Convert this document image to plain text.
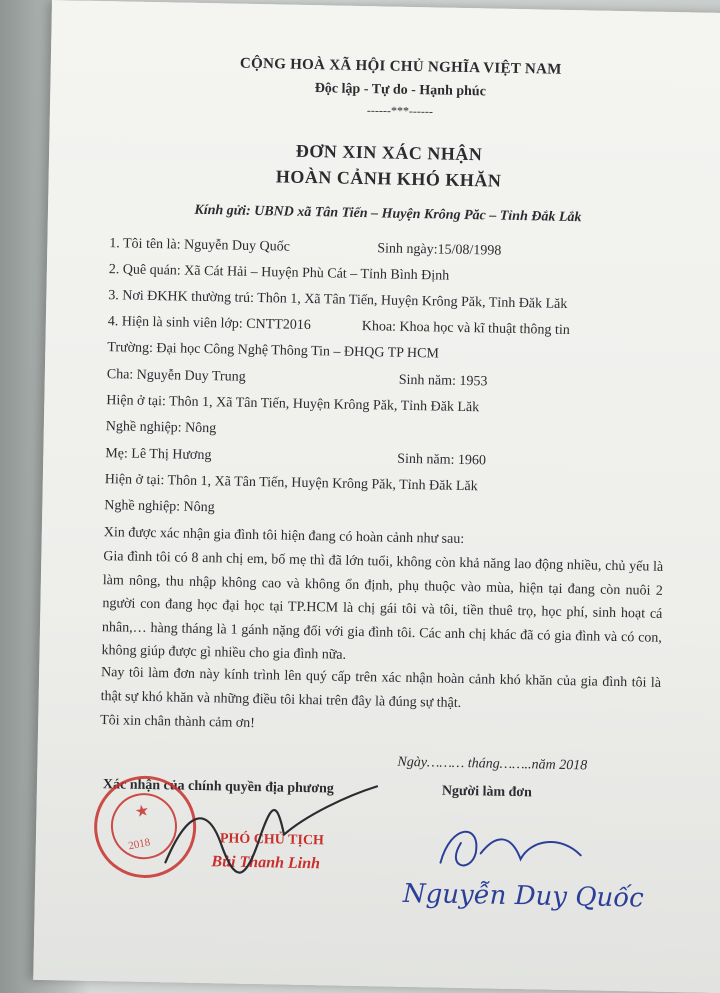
CỘNG HOÀ XÃ HỘI CHỦ NGHĨA VIỆT NAM
Độc lập - Tự do - Hạnh phúc
------***------
ĐƠN XIN XÁC NHẬN
HOÀN CẢNH KHÓ KHĂN
Kính gửi: UBND xã Tân Tiến – Huyện Krông Păc – Tỉnh Đắk Lắk
1. Tôi tên là: Nguyễn Duy Quốc	Sinh ngày:15/08/1998
2. Quê quán: Xã Cát Hải – Huyện Phù Cát – Tỉnh Bình Định
3. Nơi ĐKHK thường trú: Thôn 1, Xã Tân Tiến, Huyện Krông Păk, Tỉnh Đăk Lăk
4. Hiện là sinh viên lớp: CNTT2016	Khoa: Khoa học và kĩ thuật thông tin
Trường: Đại học Công Nghệ Thông Tin – ĐHQG TP HCM
Cha: Nguyễn Duy Trung	Sinh năm: 1953
Hiện ở tại: Thôn 1, Xã Tân Tiến, Huyện Krông Păk, Tỉnh Đăk Lăk
Nghề nghiệp: Nông
Mẹ: Lê Thị Hương	Sinh năm: 1960
Hiện ở tại: Thôn 1, Xã Tân Tiến, Huyện Krông Păk, Tỉnh Đăk Lăk
Nghề nghiệp: Nông
Xin được xác nhận gia đình tôi hiện đang có hoàn cảnh như sau:
Gia đình tôi có 8 anh chị em, bố mẹ thì đã lớn tuổi, không còn khả năng lao động nhiều, chủ yếu là làm nông, thu nhập không cao và không ổn định, phụ thuộc vào mùa, hiện tại đang còn nuôi 2 người con đang học đại học tại TP.HCM là chị gái tôi và tôi, tiền thuê trọ, học phí, sinh hoạt cá nhân,… hàng tháng là 1 gánh nặng đối với gia đình tôi. Các anh chị khác đã có gia đình và có con, không giúp được gì nhiều cho gia đình nữa.
Nay tôi làm đơn này kính trình lên quý cấp trên xác nhận hoàn cảnh khó khăn của gia đình tôi là thật sự khó khăn và những điều tôi khai trên đây là đúng sự thật.
Tôi xin chân thành cảm ơn!
Ngày……… tháng……..năm 2018
Xác nhận của chính quyền địa phương	Người làm đơn
★
2018	PHÓ CHỦ TỊCH
Bùi Thanh Linh
Nguyễn Duy Quốc
